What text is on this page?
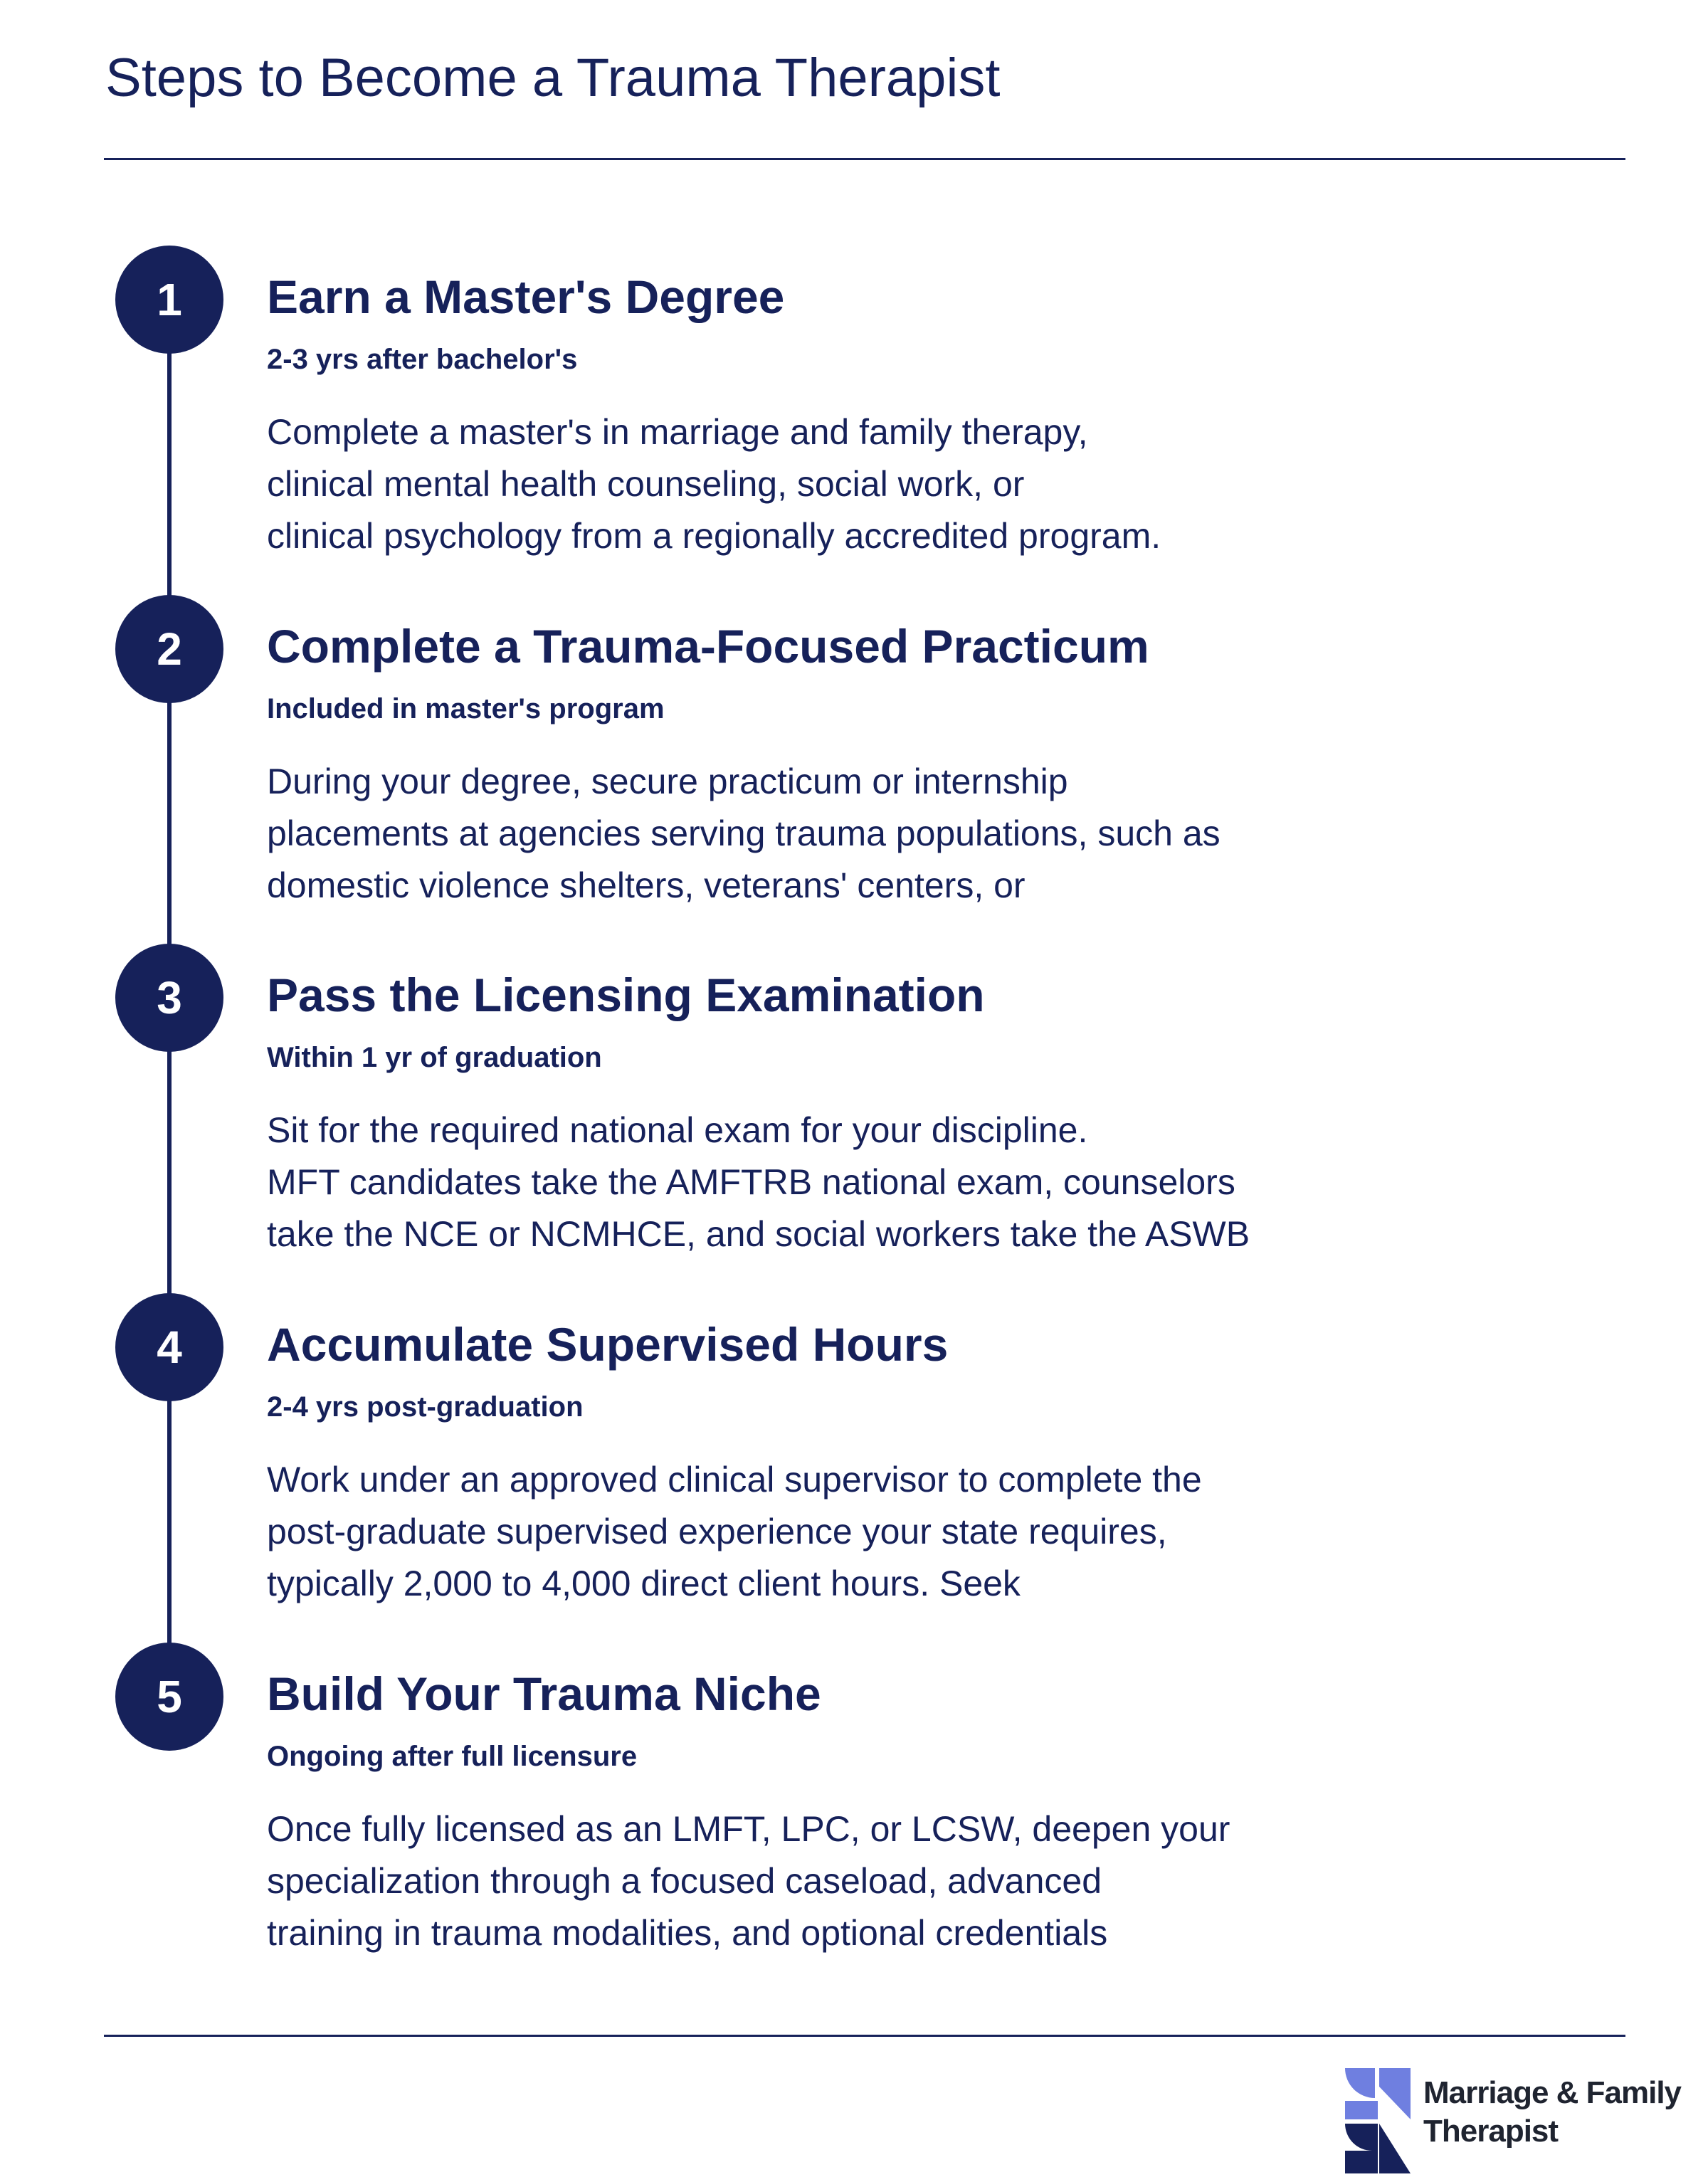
Steps to Become a Trauma Therapist
1	Earn a Master's Degree
2-3 yrs after bachelor's
Complete a master's in marriage and family therapy,
clinical mental health counseling, social work, or
clinical psychology from a regionally accredited program.
2	Complete a Trauma-Focused Practicum
Included in master's program
During your degree, secure practicum or internship
placements at agencies serving trauma populations, such as
domestic violence shelters, veterans' centers, or
3	Pass the Licensing Examination
Within 1 yr of graduation
Sit for the required national exam for your discipline.
MFT candidates take the AMFTRB national exam, counselors
take the NCE or NCMHCE, and social workers take the ASWB
4	Accumulate Supervised Hours
2-4 yrs post-graduation
Work under an approved clinical supervisor to complete the
post-graduate supervised experience your state requires,
typically 2,000 to 4,000 direct client hours. Seek
5	Build Your Trauma Niche
Ongoing after full licensure
Once fully licensed as an LMFT, LPC, or LCSW, deepen your
specialization through a focused caseload, advanced
training in trauma modalities, and optional credentials
Marriage & Family
Therapist
